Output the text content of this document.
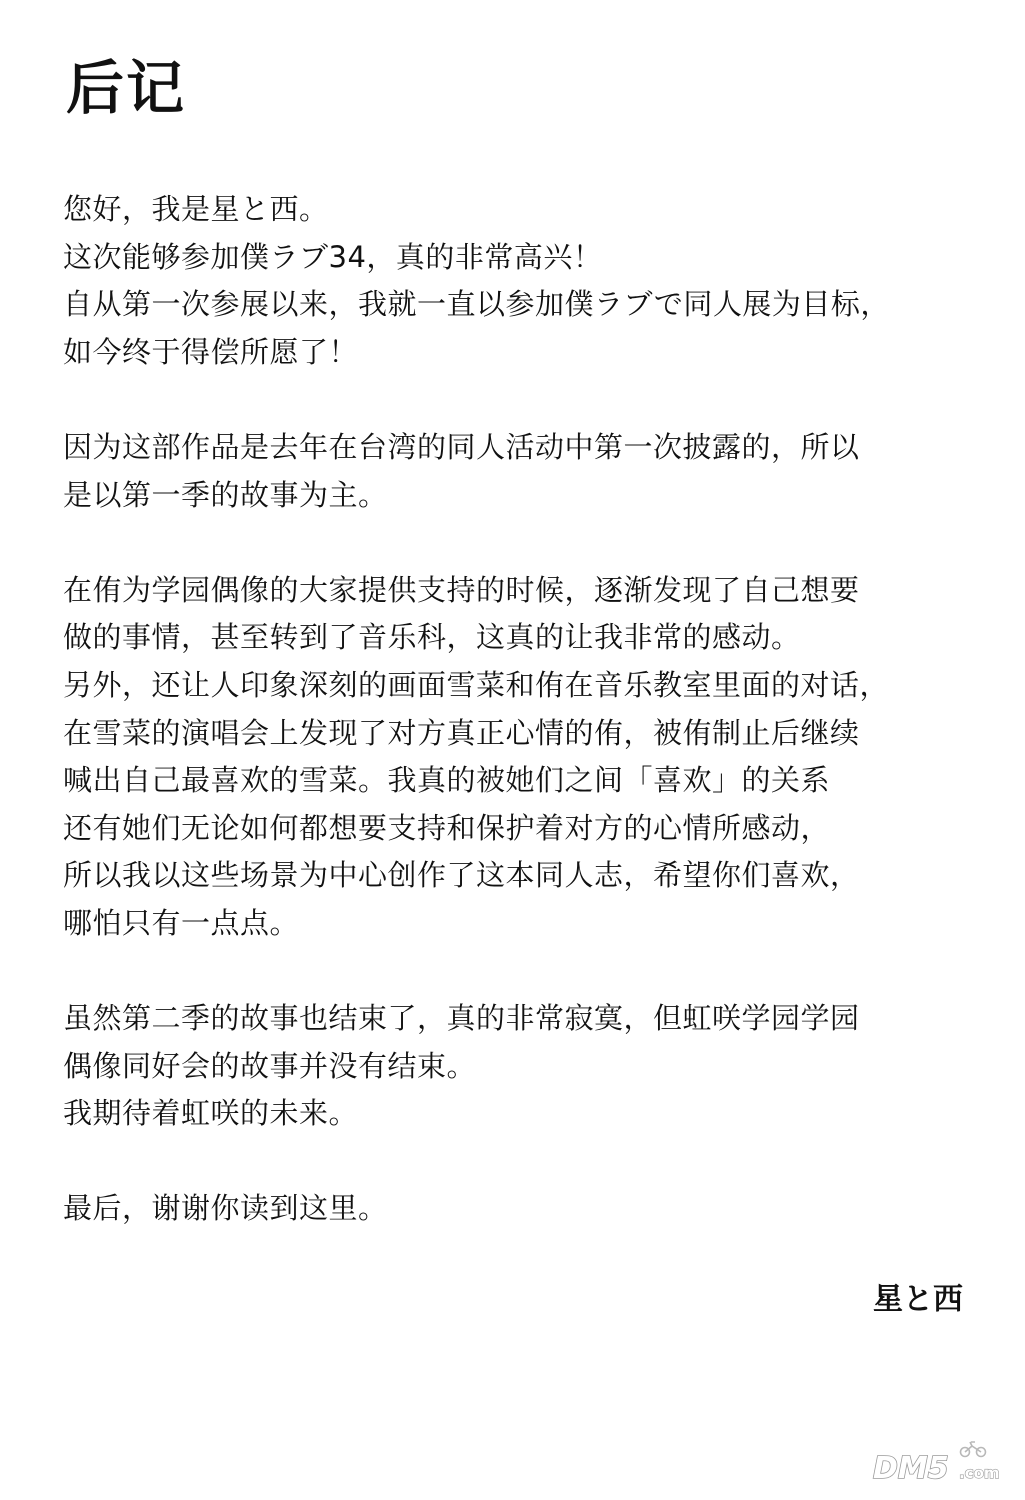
后记
您好，我是星と西。
这次能够参加僕ラブ34，真的非常高兴！
自从第一次参展以来，我就一直以参加僕ラブで同人展为目标，
如今终于得偿所愿了！
因为这部作品是去年在台湾的同人活动中第一次披露的，所以
是以第一季的故事为主。
在侑为学园偶像的大家提供支持的时候，逐渐发现了自己想要
做的事情，甚至转到了音乐科，这真的让我非常的感动。
另外，还让人印象深刻的画面雪菜和侑在音乐教室里面的对话，
在雪菜的演唱会上发现了对方真正心情的侑，被侑制止后继续
喊出自己最喜欢的雪菜。我真的被她们之间「喜欢」的关系
还有她们无论如何都想要支持和保护着对方的心情所感动，
所以我以这些场景为中心创作了这本同人志，希望你们喜欢，
哪怕只有一点点。
虽然第二季的故事也结束了，真的非常寂寞，但虹咲学园学园
偶像同好会的故事并没有结束。
我期待着虹咲的未来。
最后，谢谢你读到这里。
星と西
DM5 .com
